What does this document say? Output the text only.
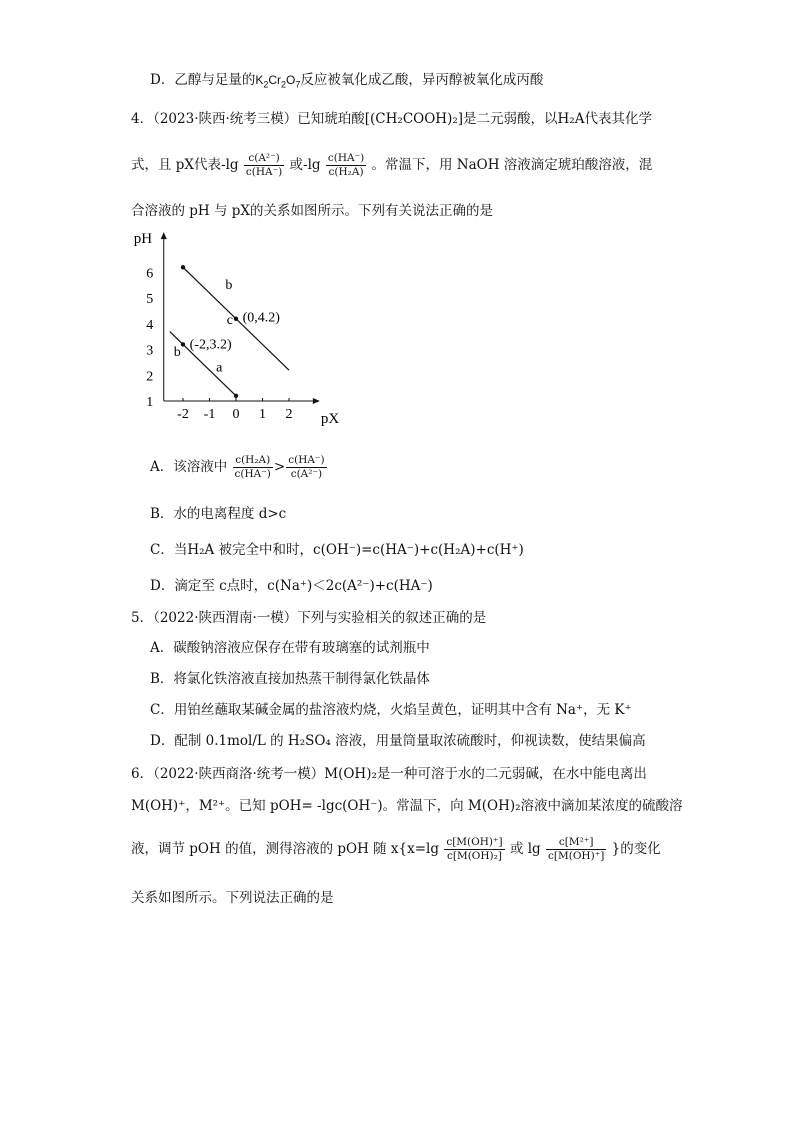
D．乙醇与足量的$K_2Cr_2O_7$反应被氧化成乙酸，异丙醇被氧化成丙酸
4．（2023·陕西·统考三模）已知琥珀酸[(CH₂COOH)₂]是二元弱酸，以H₂A代表其化学
式，且 pX代表$-\lg \frac{\text{c(A²⁻)}}{c(HA^-)}$ 或$-\lg \frac{c(HA^-)}{\text{c(H₂A)}}$ 。常温下，用 NaOH 溶液滴定琥珀酸溶液，混
合溶液的 pH 与 pX的关系如图所示。下列有关说法正确的是
-2 -1 0 1 2
1
2
3
4
5
6
pX
pH
b
c (0,4.2)
(-2,3.2)
b
a
A．该溶液中 $\frac{\text{c(H₂A)}}{c(HA^-)} > \frac{c(HA^-)}{\text{c(A²⁻)}}$
B．水的电离程度 d>c
C．当H₂A 被完全中和时，c(OH⁻)=c(HA⁻)+c(H₂A)+c(H⁺)
D．滴定至 c点时，c(Na⁺)＜2c(A²⁻)+c(HA⁻)
5．（2022·陕西渭南·一模）下列与实验相关的叙述正确的是
A．碳酸钠溶液应保存在带有玻璃塞的试剂瓶中
B．将氯化铁溶液直接加热蒸干制得氯化铁晶体
C．用铂丝蘸取某碱金属的盐溶液灼烧，火焰呈黄色，证明其中含有 Na⁺，无 K⁺
D．配制 0.1mol/L 的 H₂SO₄ 溶液，用量筒量取浓硫酸时，仰视读数，使结果偏高
6．（2022·陕西商洛·统考一模）M(OH)₂是一种可溶于水的二元弱碱，在水中能电离出
M(OH)⁺，M²⁺。已知 pOH= -lgc(OH⁻)。常温下，向 M(OH)₂溶液中滴加某浓度的硫酸溶
液，调节 pOH 的值，测得溶液的 pOH 随 $x\{x=\lg \frac{c[M(OH)^+]}{\text{c[M(OH)₂]}}$ 或 $\lg \frac{\text{c[M²⁺]}}{c[M(OH)^+]}$ }的变化
关系如图所示。下列说法正确的是
